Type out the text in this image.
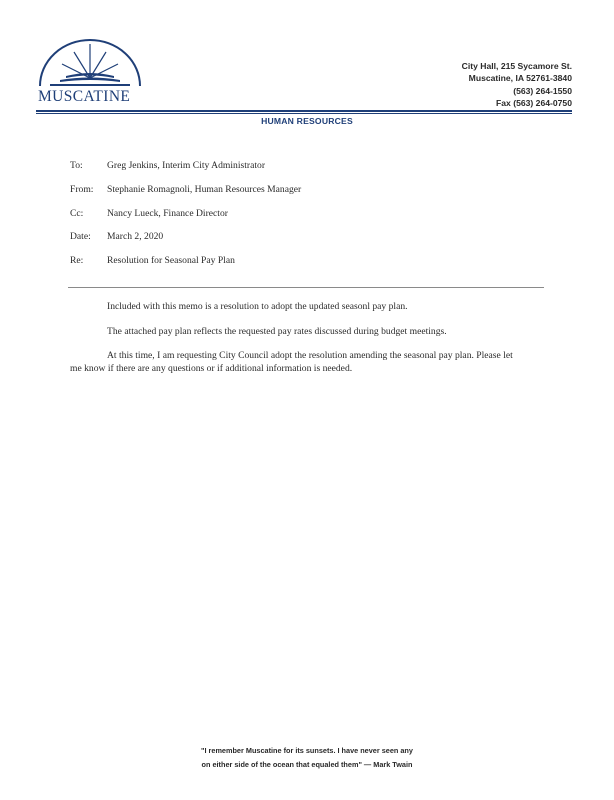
MUSCATINE
City Hall, 215 Sycamore St.
Muscatine, IA 52761-3840
(563) 264-1550
Fax (563) 264-0750
HUMAN RESOURCES
To:	Greg Jenkins, Interim City Administrator
From: Stephanie Romagnoli, Human Resources Manager
Cc: Nancy Lueck, Finance Director
Date: March 2, 2020
Re: Resolution for Seasonal Pay Plan
Included with this memo is a resolution to adopt the updated seasonl pay plan.
The attached pay plan reflects the requested pay rates discussed during budget meetings.
At this time, I am requesting City Council adopt the resolution amending the seasonal pay plan. Please let
me know if there are any questions or if additional information is needed.
"I remember Muscatine for its sunsets. I have never seen any
on either side of the ocean that equaled them" — Mark Twain
